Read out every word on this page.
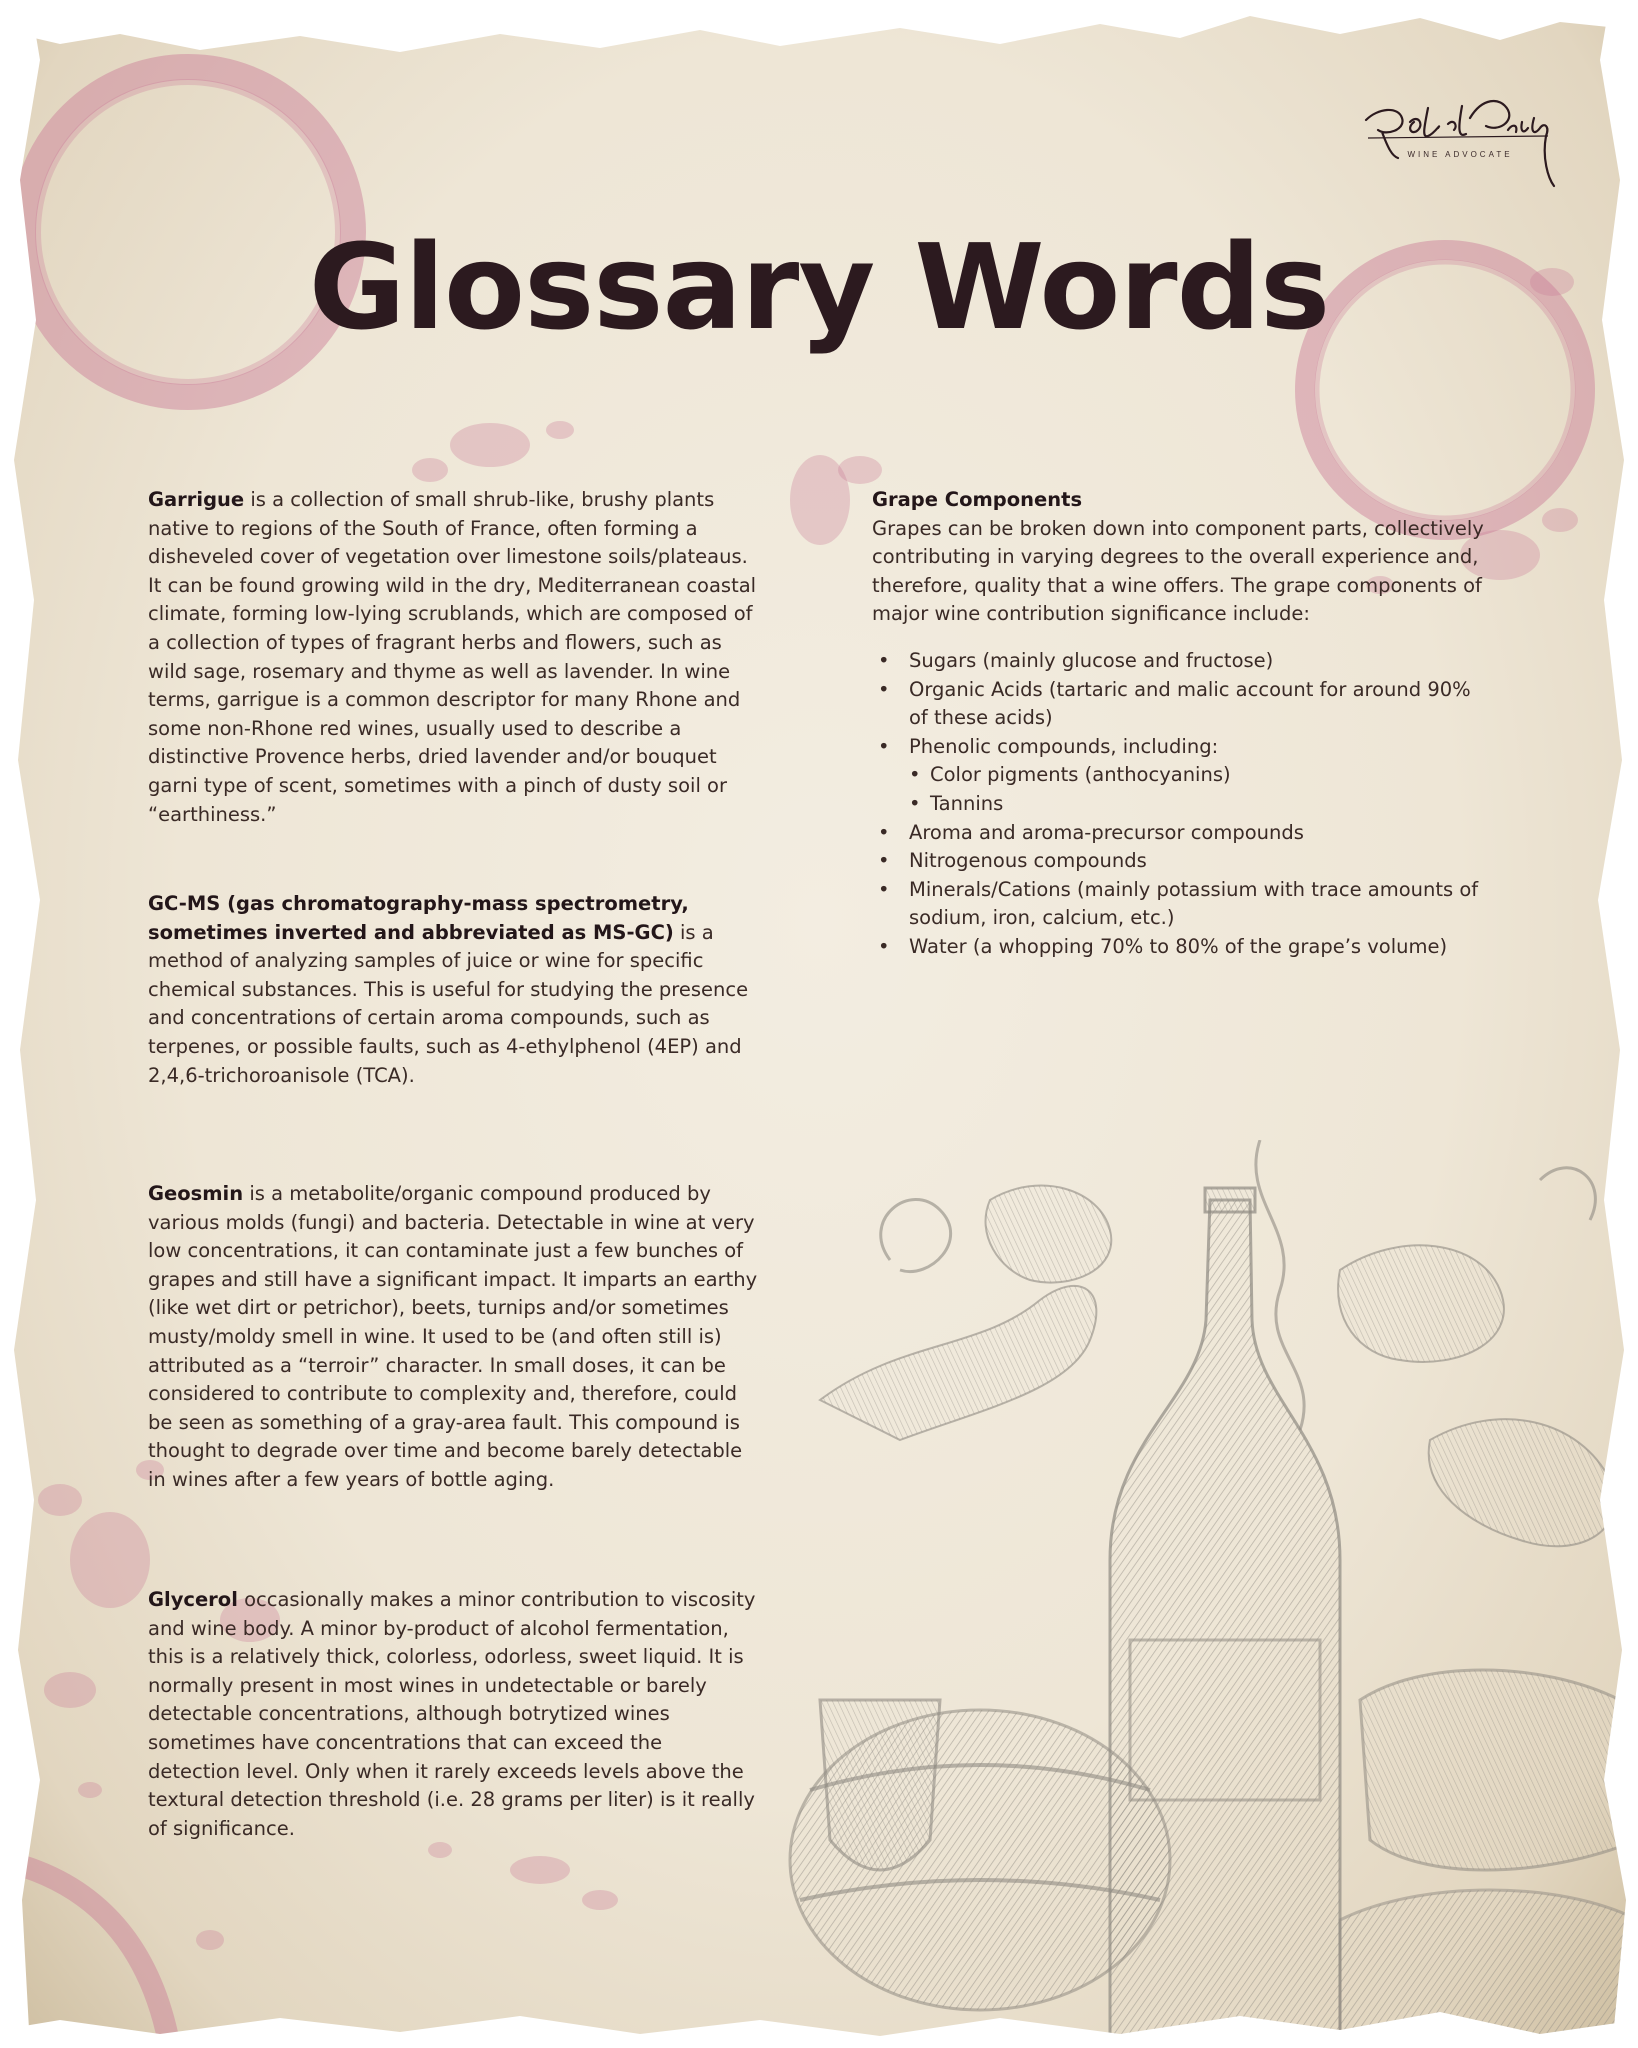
WINE ADVOCATE
Glossary Words
Garrigue is a collection of small shrub-like, brushy plants native to regions of the South of France, often forming a disheveled cover of vegetation over limestone soils/plateaus. It can be found growing wild in the dry, Mediterranean coastal climate, forming low-lying scrublands, which are composed of a collection of types of fragrant herbs and flowers, such as wild sage, rosemary and thyme as well as lavender. In wine terms, garrigue is a common descriptor for many Rhone and some non-Rhone red wines, usually used to describe a distinctive Provence herbs, dried lavender and/or bouquet garni type of scent, sometimes with a pinch of dusty soil or “earthiness.”
GC-MS (gas chromatography-mass spectrometry, sometimes inverted and abbreviated as MS-GC) is a method of analyzing samples of juice or wine for specific chemical substances. This is useful for studying the presence and concentrations of certain aroma compounds, such as terpenes, or possible faults, such as 4-ethylphenol (4EP) and 2,4,6-trichoroanisole (TCA).
Geosmin is a metabolite/organic compound produced by various molds (fungi) and bacteria. Detectable in wine at very low concentrations, it can contaminate just a few bunches of grapes and still have a significant impact. It imparts an earthy (like wet dirt or petrichor), beets, turnips and/or sometimes musty/moldy smell in wine. It used to be (and often still is) attributed as a “terroir” character. In small doses, it can be considered to contribute to complexity and, therefore, could be seen as something of a gray-area fault. This compound is thought to degrade over time and become barely detectable in wines after a few years of bottle aging.
Glycerol occasionally makes a minor contribution to viscosity and wine body. A minor by-product of alcohol fermentation, this is a relatively thick, colorless, odorless, sweet liquid. It is normally present in most wines in undetectable or barely detectable concentrations, although botrytized wines sometimes have concentrations that can exceed the detection level. Only when it rarely exceeds levels above the textural detection threshold (i.e. 28 grams per liter) is it really of significance.
Grape Components
Grapes can be broken down into component parts, collectively contributing in varying degrees to the overall experience and, therefore, quality that a wine offers. The grape components of major wine contribution significance include:
• Sugars (mainly glucose and fructose)
• Organic Acids (tartaric and malic account for around 90% of these acids)
• Phenolic compounds, including:
• Color pigments (anthocyanins)
• Tannins
• Aroma and aroma-precursor compounds
• Nitrogenous compounds
• Minerals/Cations (mainly potassium with trace amounts of sodium, iron, calcium, etc.)
• Water (a whopping 70% to 80% of the grape’s volume)
